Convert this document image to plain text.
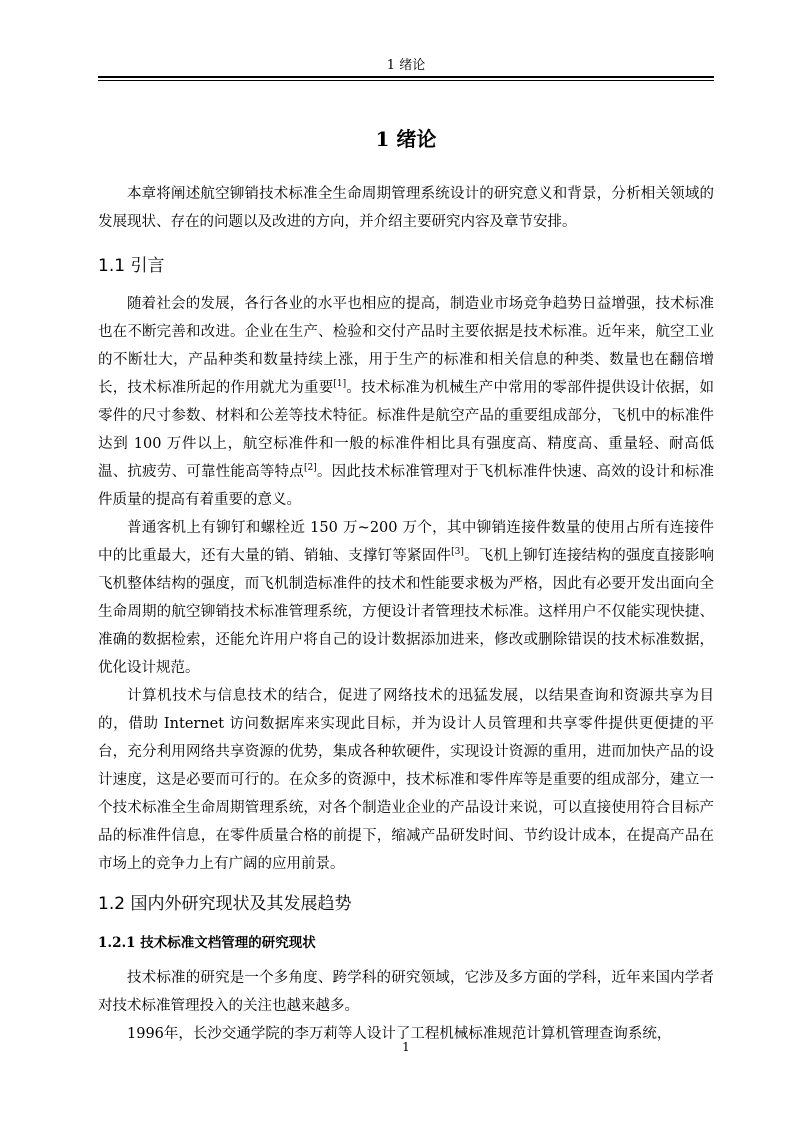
1 绪论
1 绪论

本章将阐述航空铆销技术标准全生命周期管理系统设计的研究意义和背景，分析相关领域的发展现状、存在的问题以及改进的方向，并介绍主要研究内容及章节安排。

1.1 引言

随着社会的发展，各行各业的水平也相应的提高，制造业市场竞争趋势日益增强，技术标准也在不断完善和改进。企业在生产、检验和交付产品时主要依据是技术标准。近年来，航空工业的不断壮大，产品种类和数量持续上涨，用于生产的标准和相关信息的种类、数量也在翻倍增长，技术标准所起的作用就尤为重要[1]。技术标准为机械生产中常用的零部件提供设计依据，如零件的尺寸参数、材料和公差等技术特征。标准件是航空产品的重要组成部分，飞机中的标准件达到 100 万件以上，航空标准件和一般的标准件相比具有强度高、精度高、重量轻、耐高低温、抗疲劳、可靠性能高等特点[2]。因此技术标准管理对于飞机标准件快速、高效的设计和标准件质量的提高有着重要的意义。

普通客机上有铆钉和螺栓近 150 万~200 万个，其中铆销连接件数量的使用占所有连接件中的比重最大，还有大量的销、销轴、支撑钉等紧固件[3]。飞机上铆钉连接结构的强度直接影响飞机整体结构的强度，而飞机制造标准件的技术和性能要求极为严格，因此有必要开发出面向全生命周期的航空铆销技术标准管理系统，方便设计者管理技术标准。这样用户不仅能实现快捷、准确的数据检索，还能允许用户将自己的设计数据添加进来，修改或删除错误的技术标准数据，优化设计规范。

计算机技术与信息技术的结合，促进了网络技术的迅猛发展，以结果查询和资源共享为目的，借助 Internet 访问数据库来实现此目标，并为设计人员管理和共享零件提供更便捷的平台，充分利用网络共享资源的优势，集成各种软硬件，实现设计资源的重用，进而加快产品的设计速度，这是必要而可行的。在众多的资源中，技术标准和零件库等是重要的组成部分，建立一个技术标准全生命周期管理系统，对各个制造业企业的产品设计来说，可以直接使用符合目标产品的标准件信息，在零件质量合格的前提下，缩减产品研发时间、节约设计成本，在提高产品在市场上的竞争力上有广阔的应用前景。

1.2 国内外研究现状及其发展趋势
1.2.1 技术标准文档管理的研究现状

技术标准的研究是一个多角度、跨学科的研究领域，它涉及多方面的学科，近年来国内学者对技术标准管理投入的关注也越来越多。

1996年，长沙交通学院的李万莉等人设计了工程机械标准规范计算机管理查询系统，

1
